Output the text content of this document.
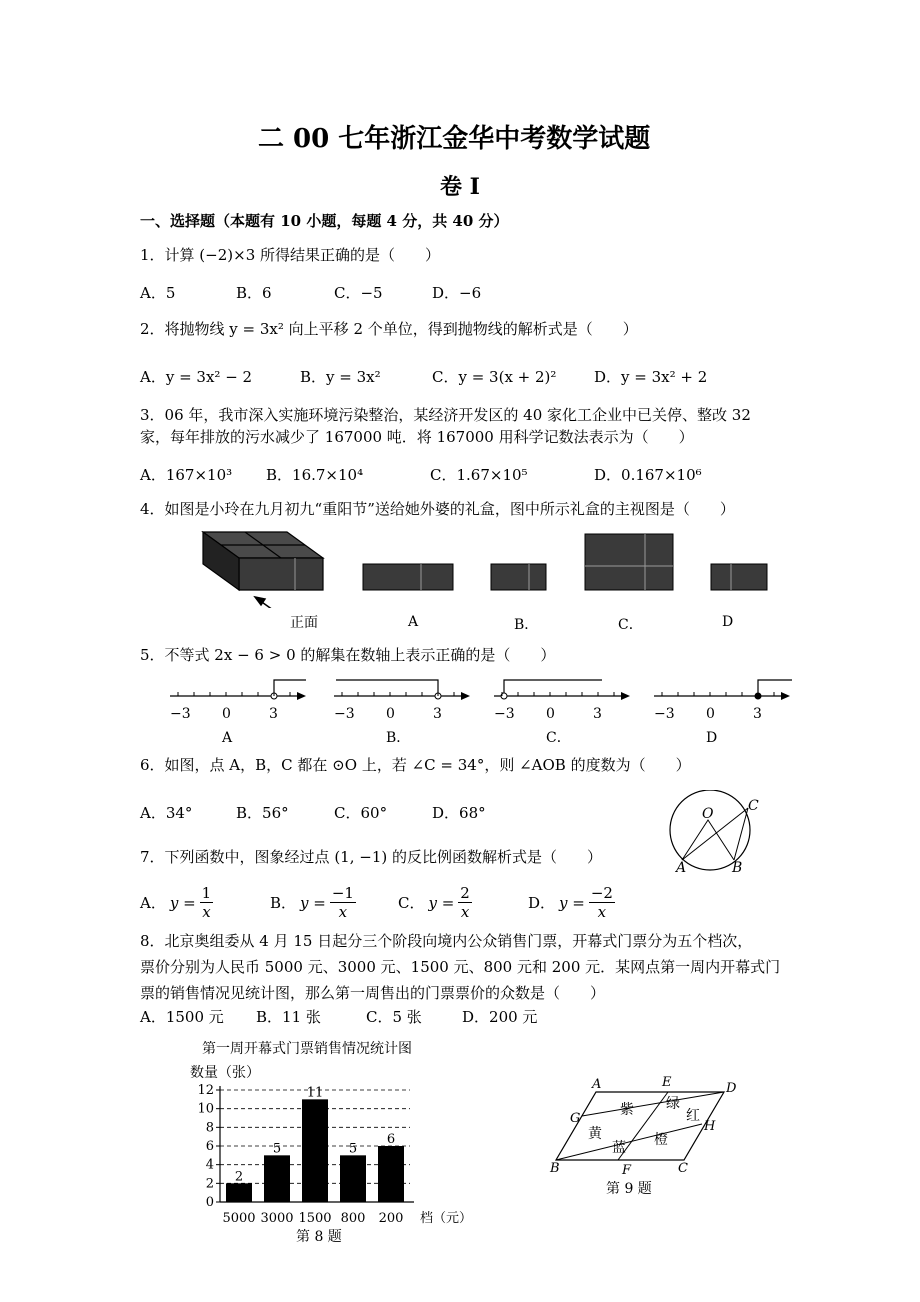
二 00 七年浙江金华中考数学试题
卷 I
一、选择题（本题有 10 小题，每题 4 分，共 40 分）
1．计算 (−2)×3 所得结果正确的是（　　）
A．5	B．6	C．−5	D．−6
2．将抛物线 y = 3x² 向上平移 2 个单位，得到抛物线的解析式是（　　）
A．y = 3x² − 2	B．y = 3x²	C．y = 3(x + 2)²	D．y = 3x² + 2
3．06 年，我市深入实施环境污染整治，某经济开发区的 40 家化工企业中已关停、整改 32
家，每年排放的污水减少了 167000 吨．将 167000 用科学记数法表示为（　　）
A．167×10³ B．16.7×10⁴	C．1.67×10⁵	D．0.167×10⁶
4．如图是小玲在九月初九“重阳节”送给她外婆的礼盒，图中所示礼盒的主视图是（　　）
正面	A	B．	C．	D
5．不等式 2x − 6 > 0 的解集在数轴上表示正确的是（　　）
−3 0	3
A
−3 0	3
B．
−3 0	3
C．
−3 0	3
D
6．如图，点 A，B，C 都在 ⊙O 上，若 ∠C = 34°，则 ∠AOB 的度数为（　　）
A．34°	B．56°	C．60°	D．68°	O C
A	B
7．下列函数中，图象经过点 (1, −1) 的反比例函数解析式是（　　）
A． $y = \frac{1}{x}$	B． $y = \frac{-1}{x}$	C． $y = \frac{2}{x}$	D． $y = \frac{-2}{x}$
8．北京奥组委从 4 月 15 日起分三个阶段向境内公众销售门票，开幕式门票分为五个档次，
票价分别为人民币 5000 元、3000 元、1500 元、800 元和 200 元．某网点第一周内开幕式门
票的销售情况见统计图，那么第一周售出的门票票价的众数是（　　）
A．1500 元 B．11 张	C．5 张	D．200 元
第一周开幕式门票销售情况统计图
数量（张）
0
2
4
6
8
10
12
2
5000
5
3000
11
1500
5
800
6
200 档（元）
第 8 题
A	E	D
G
H
B	F	C
紫 绿
红
黄
蓝 橙
第 9 题
